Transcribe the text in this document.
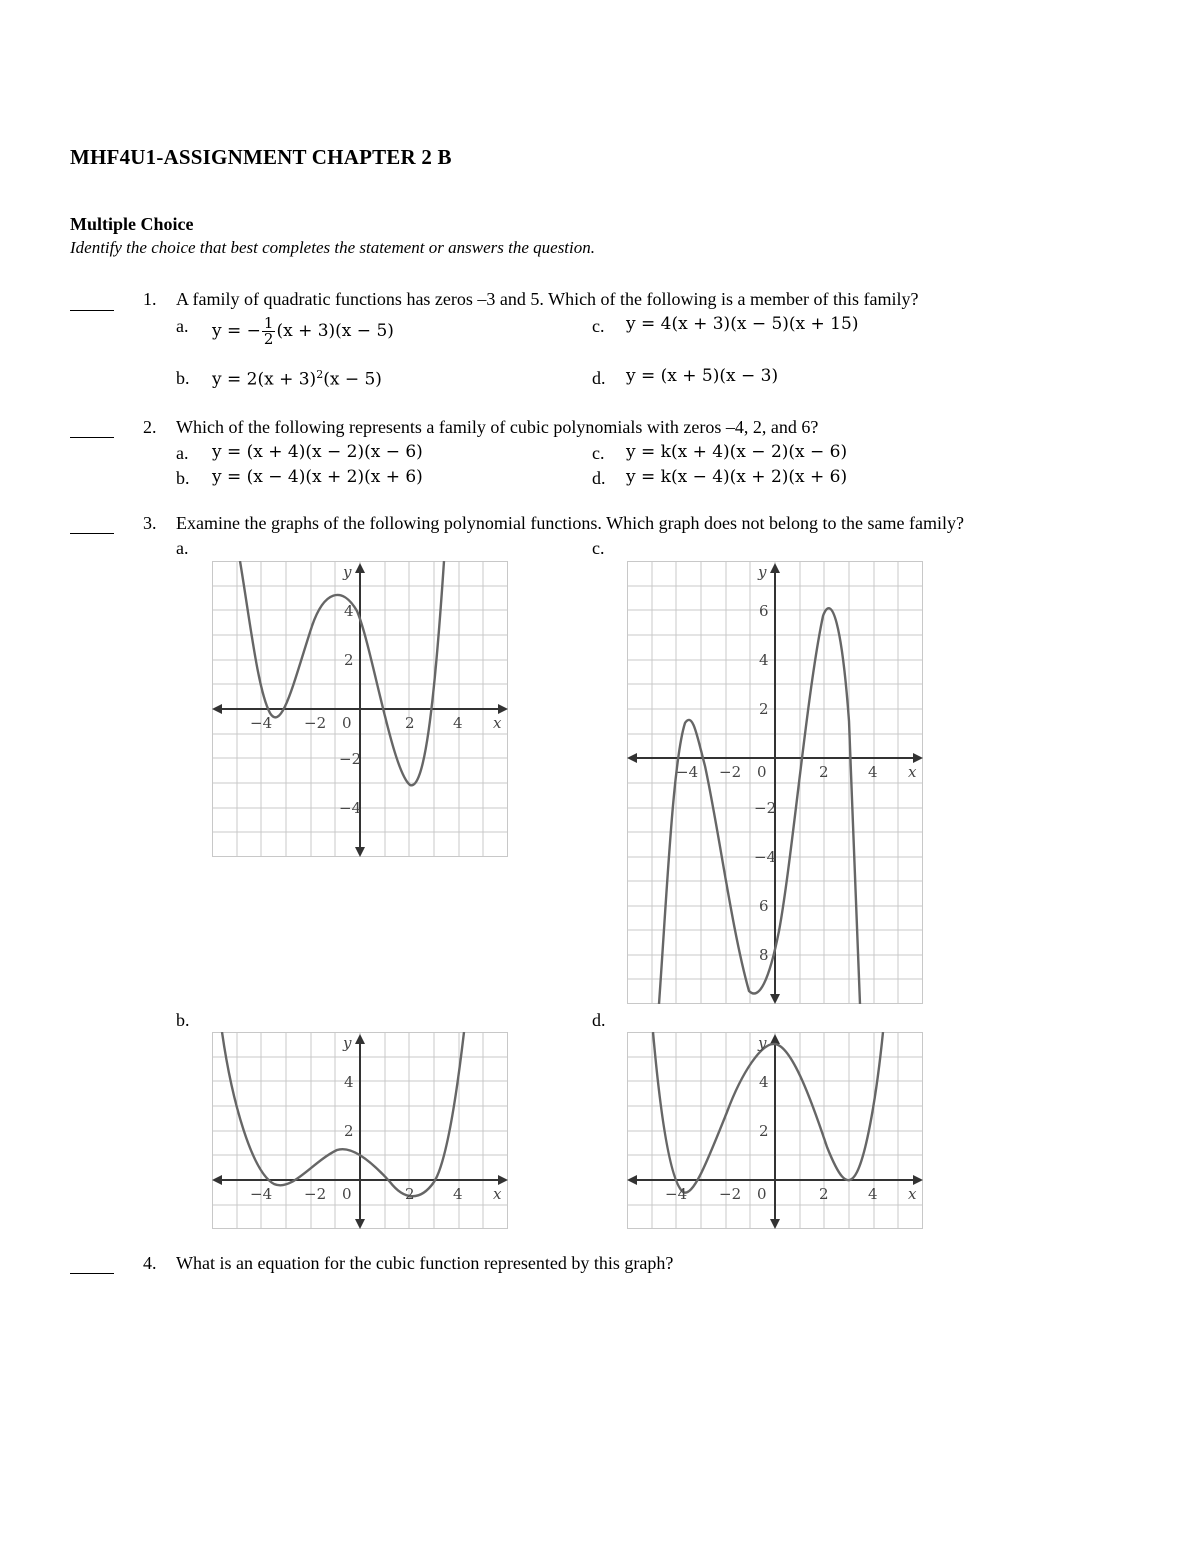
MHF4U1-ASSIGNMENT CHAPTER 2 B
Multiple Choice
Identify the choice that best completes the statement or answers the question.
1. A family of quadratic functions has zeros –3 and 5. Which of the following is a member of this family?
a. y = − $\frac{1}{2} (x + 3)(x - 5)$	c. y = 4(x + 3)(x − 5)(x + 15)
b. $y = 2(x + 3)^2(x - 5)$	d. y = (x + 5)(x − 3)
2. Which of the following represents a family of cubic polynomials with zeros –4, 2, and 6?
a. y = (x + 4)(x − 2)(x − 6)	c. y = k(x + 4)(x − 2)(x − 6)
b. y = (x − 4)(x + 2)(x + 6)	d. y = k(x − 4)(x + 2)(x + 6)
3. Examine the graphs of the following polynomial functions. Which graph does not belong to the same family?
a.	c.
b.	d.
−4 −2 0	2	4 x
y
4
2
−2
−4
−4 −2 0	2	4 x
y
6
4
2
−2
−4
6
8
−4 −2 0	2	4 x
y
4
2
−4 −2 0	2	4 x
y
4
2
4. What is an equation for the cubic function represented by this graph?
